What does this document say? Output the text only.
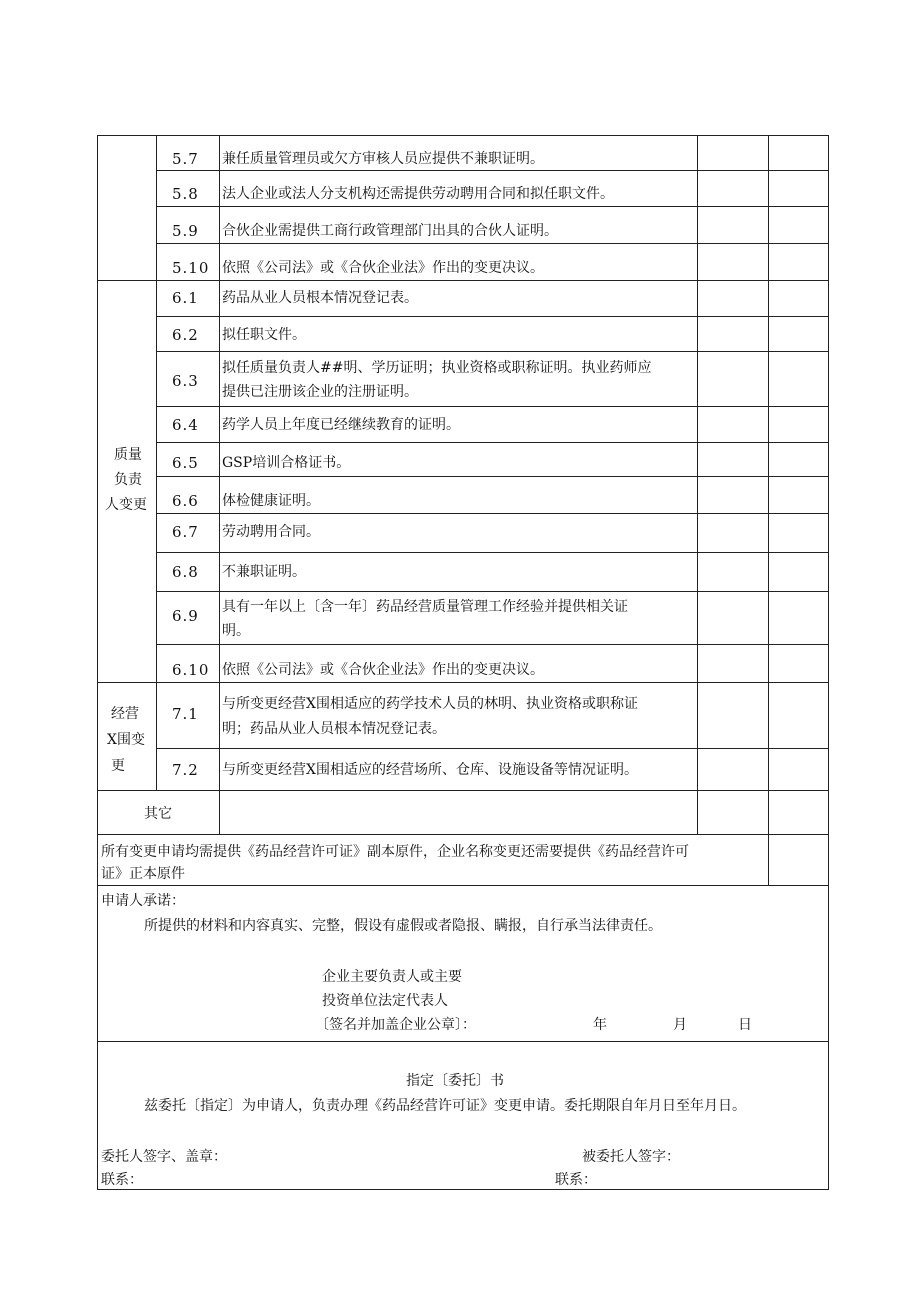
5.7 兼任质量管理员或欠方审核人员应提供不兼职证明。
5.8 法人企业或法人分支机构还需提供劳动聘用合同和拟任职文件。
5.9 合伙企业需提供工商行政管理部门出具的合伙人证明。
5.10 依照《公司法》或《合伙企业法》作出的变更决议。
质量
负责
人变更
6.1 药品从业人员根本情况登记表。
6.2 拟任职文件。
6.3
拟任质量负责人##明、学历证明；执业资格或职称证明。执业药师应
提供已注册该企业的注册证明。
6.4 药学人员上年度已经继续教育的证明。
6.5 GSP培训合格证书。
6.6 体检健康证明。
6.7 劳动聘用合同。
6.8 不兼职证明。
6.9 具有一年以上〔含一年〕药品经营质量管理工作经验并提供相关证
明。
6.10 依照《公司法》或《合伙企业法》作出的变更决议。
经营
X围变
更
7.1
与所变更经营X围相适应的药学技术人员的林明、执业资格或职称证
明；药品从业人员根本情况登记表。
7.2 与所变更经营X围相适应的经营场所、仓库、设施设备等情况证明。
其它
所有变更申请均需提供《药品经营许可证》副本原件，企业名称变更还需要提供《药品经营许可
证》正本原件
申请人承诺：
所提供的材料和内容真实、完整，假设有虚假或者隐报、瞒报，自行承当法律责任。
企业主要负责人或主要
投资单位法定代表人
〔签名并加盖企业公章〕：	年	月	日
指定〔委托〕书
兹委托〔指定〕为申请人，负责办理《药品经营许可证》变更申请。委托期限自年月日至年月日。
委托人签字、盖章：	被委托人签字：
联系：	联系：
